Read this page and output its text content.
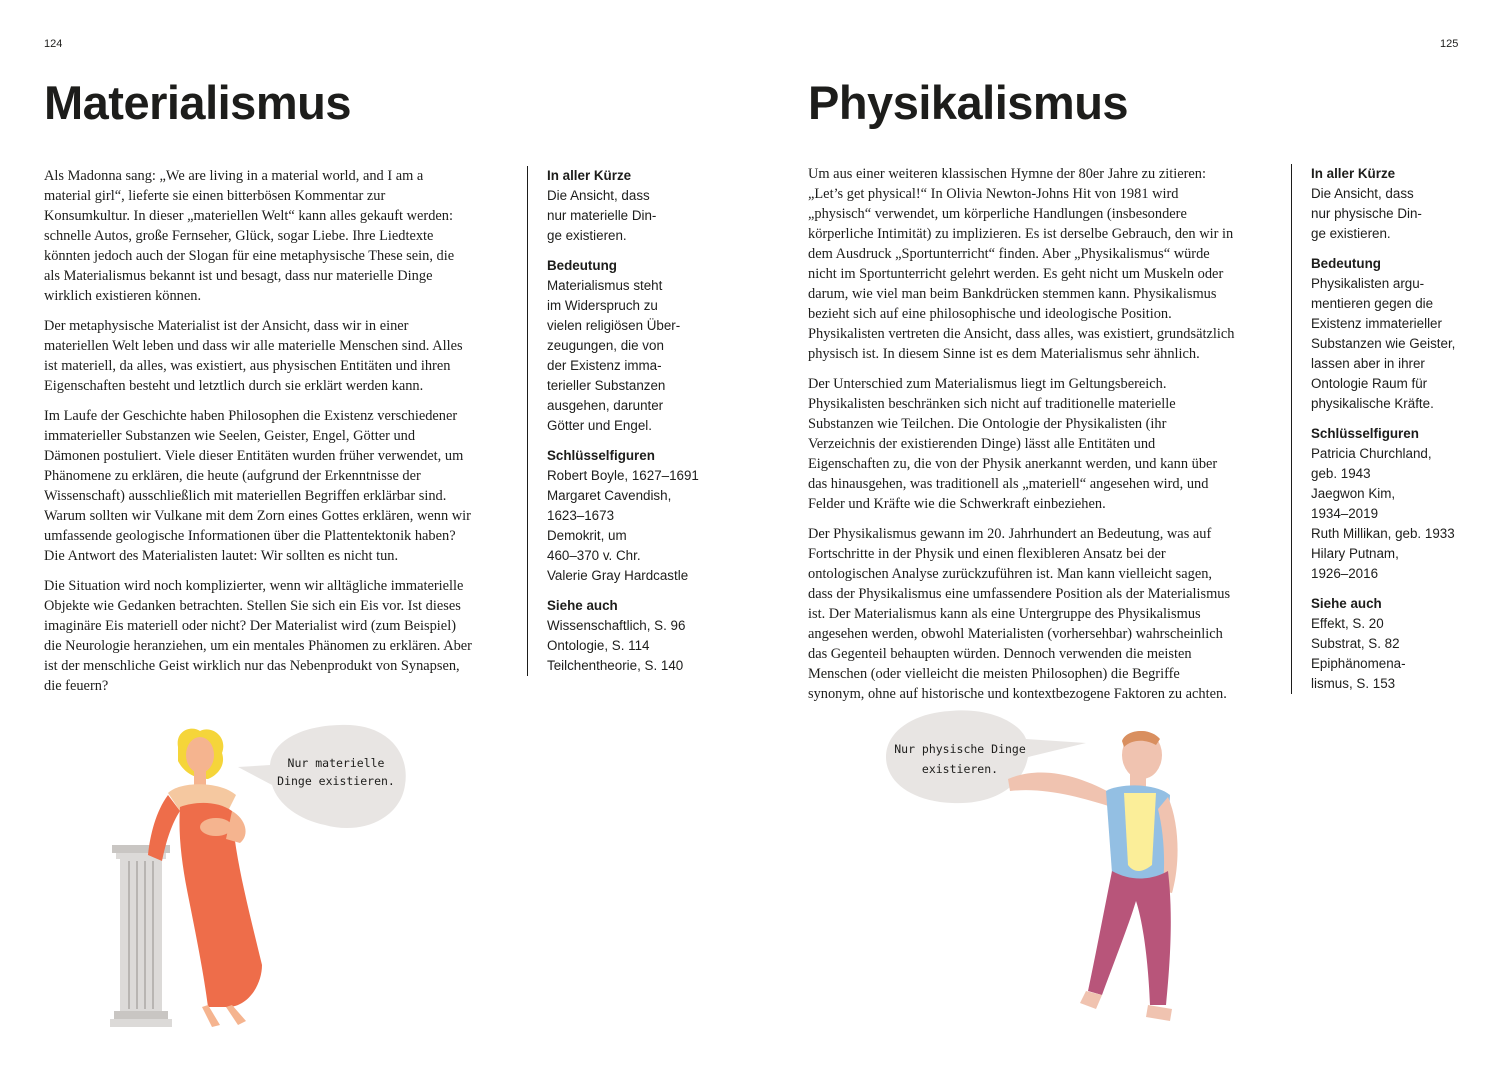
124
Materialismus

Als Madonna sang: „We are living in a material world, and I am a material girl“, lieferte sie einen bitterbösen Kommentar zur Konsumkultur. In dieser „materiellen Welt“ kann alles gekauft werden: schnelle Autos, große Fernseher, Glück, sogar Liebe. Ihre Liedtexte könnten jedoch auch der Slogan für eine metaphysische These sein, die als Materialismus bekannt ist und besagt, dass nur materielle Dinge wirklich existieren können.

Der metaphysische Materialist ist der Ansicht, dass wir in einer materiellen Welt leben und dass wir alle materielle Menschen sind. Alles ist materiell, da alles, was existiert, aus physischen Entitäten und ihren Eigenschaften besteht und letztlich durch sie erklärt werden kann.

Im Laufe der Geschichte haben Philosophen die Existenz verschiedener immaterieller Substanzen wie Seelen, Geister, Engel, Götter und Dämonen postuliert. Viele dieser Entitäten wurden früher verwendet, um Phänomene zu erklären, die heute (aufgrund der Erkenntnisse der Wissenschaft) ausschließlich mit materiellen Begriffen erklärbar sind. Warum sollten wir Vulkane mit dem Zorn eines Gottes erklären, wenn wir umfassende geologische Informationen über die Plattentektonik haben? Die Antwort des Materialisten lautet: Wir sollten es nicht tun.

Die Situation wird noch komplizierter, wenn wir alltägliche immaterielle Objekte wie Gedanken betrachten. Stellen Sie sich ein Eis vor. Ist dieses imaginäre Eis materiell oder nicht? Der Materialist wird (zum Beispiel) die Neurologie heranziehen, um ein mentales Phänomen zu erklären. Aber ist der menschliche Geist wirklich nur das Nebenprodukt von Synapsen, die feuern?

In aller Kürze
Die Ansicht, dass
nur materielle Din-
ge existieren.
Bedeutung
Materialismus steht
im Widerspruch zu
vielen religiösen Über-
zeugungen, die von
der Existenz imma-
terieller Substanzen
ausgehen, darunter
Götter und Engel.
Schlüsselfiguren
Robert Boyle, 1627–1691
Margaret Cavendish,
1623–1673
Demokrit, um
460–370 v. Chr.
Valerie Gray Hardcastle
Siehe auch
Wissenschaftlich, S. 96
Ontologie, S. 114
Teilchentheorie, S. 140
Nur materielle
Dinge existieren.
125
Physikalismus

Um aus einer weiteren klassischen Hymne der 80er Jahre zu zitieren: „Let’s get physical!“ In Olivia Newton-Johns Hit von 1981 wird „physisch“ verwendet, um körperliche Handlungen (insbesondere körperliche Intimität) zu implizieren. Es ist derselbe Gebrauch, den wir in dem Ausdruck „Sportunterricht“ finden. Aber „Physikalismus“ würde nicht im Sportunterricht gelehrt werden. Es geht nicht um Muskeln oder darum, wie viel man beim Bankdrücken stemmen kann. Physikalismus bezieht sich auf eine philosophische und ideologische Position. Physikalisten vertreten die Ansicht, dass alles, was existiert, grundsätzlich physisch ist. In diesem Sinne ist es dem Materialismus sehr ähnlich.

Der Unterschied zum Materialismus liegt im Geltungsbereich. Physikalisten beschränken sich nicht auf traditionelle materielle Substanzen wie Teilchen. Die Ontologie der Physikalisten (ihr Verzeichnis der existierenden Dinge) lässt alle Entitäten und Eigenschaften zu, die von der Physik anerkannt werden, und kann über das hinausgehen, was traditionell als „materiell“ angesehen wird, und Felder und Kräfte wie die Schwerkraft einbeziehen.

Der Physikalismus gewann im 20. Jahrhundert an Bedeutung, was auf Fortschritte in der Physik und einen flexibleren Ansatz bei der ontologischen Analyse zurückzuführen ist. Man kann vielleicht sagen, dass der Physikalismus eine umfassendere Position als der Materialismus ist. Der Materialismus kann als eine Untergruppe des Physikalismus angesehen werden, obwohl Materialisten (vorhersehbar) wahrscheinlich das Gegenteil behaupten würden. Dennoch verwenden die meisten Menschen (oder vielleicht die meisten Philosophen) die Begriffe synonym, ohne auf historische und kontextbezogene Faktoren zu achten.

In aller Kürze
Die Ansicht, dass
nur physische Din-
ge existieren.
Bedeutung
Physikalisten argu-
mentieren gegen die
Existenz immaterieller
Substanzen wie Geister,
lassen aber in ihrer
Ontologie Raum für
physikalische Kräfte.
Schlüsselfiguren
Patricia Churchland,
geb. 1943
Jaegwon Kim,
1934–2019
Ruth Millikan, geb. 1933
Hilary Putnam,
1926–2016
Siehe auch
Effekt, S. 20
Substrat, S. 82
Epiphänomena-
lismus, S. 153
Nur physische Dinge
existieren.
